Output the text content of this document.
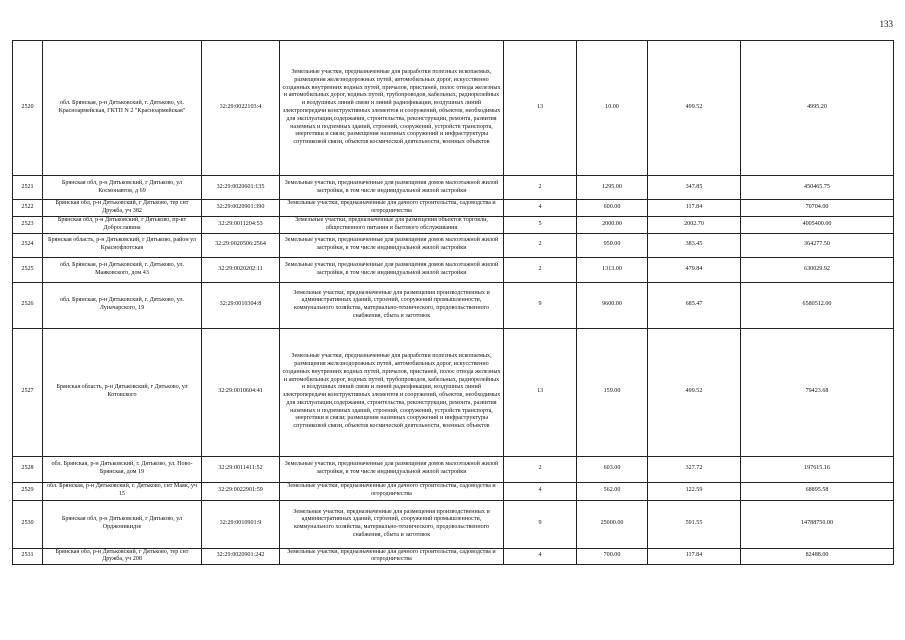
133
2520	обл. Брянская, р-н Дятьковский, г. Дятьково, ул. Красноармейская, ГКТП N 2 "Красноармейская"	32:29:0022103:4	Земельные участки, предназначенные для разработки полезных ископаемых, размещения железнодорожных путей, автомобильных дорог, искусственно созданных внутренних водных путей, причалов, пристаней, полос отвода железных и автомобильных дорог, водных путей, трубопроводов, кабельных, радиорелейных и воздушных линий связи и линий радиофикации, воздушных линий электропередачи конструктивных элементов и сооружений, объектов, необходимых для эксплуатации,содержания, строительства, реконструкции, ремонта, развития наземных и подземных зданий, строений, сооружений, устройств транспорта, энергетики и связи; размещения наземных сооружений и инфраструктуры спутниковой связи, объектов космической деятельности, военных объектов	13	10.00	499.52	4995.20
2521	Брянская обл, р-н Дятьковский, г Дятьково, ул Космонавтов, д 69	32:29:0020601:135	Земельные участки, предназначенные для размещения домов малоэтажной жилой застройки, в том числе индивидуальной жилой застройки	2	1295.00	347.85	450465.75
2522	Брянская обл, р-н Дятьковский, г Дятьково, тер снт Дружба, уч 382	32:29:0020901:390	Земельные участки, предназначенные для дачного строительства, садоводства и огородничества	4	600.00	117.84	70704.00
2523	Брянская обл, р-н Дятьковский, г Дятьково, пр-кт Доброславина	32:29:0011204:53	Земельные участки, предназначенные для размещения объектов торговли, общественного питания и бытового обслуживания	5	2000.00	2002.70	4005400.00
2524	Брянская область, р-н Дятьковский, г Дятьково, район ул Краснофлотская	32:29:0020506:2564	Земельные участки, предназначенные для размещения домов малоэтажной жилой застройки, в том числе индивидуальной жилой застройки	2	950.00	383.45	364277.50
2525	обл. Брянская, р-н Дятьковский, г. Дятьково, ул. Маяковского, дом 43	32:29:0020202:11	Земельные участки, предназначенные для размещения домов малоэтажной жилой застройки, в том числе индивидуальной жилой застройки	2	1313.00	479.84	630029.92
2526	обл. Брянская, р-н Дятьковский, г. Дятьково, ул. Луначарского, 19	32:29:0010304:8	Земельные участки, предназначенные для размещения производственных и административных зданий, строений, сооружений промышленности, коммунального хозяйства, материально-технического, продовольственного снабжения, сбыта и заготовок	9	9600.00	685.47	6580512.00
2527	Брянская область, р-н Дятьковский, г Дятьково, ул Котовского	32:29:0010604:41	Земельные участки, предназначенные для разработки полезных ископаемых, размещения железнодорожных путей, автомобильных дорог, искусственно созданных внутренних водных путей, причалов, пристаней, полос отвода железных и автомобильных дорог, водных путей, трубопроводов, кабельных, радиорелейных и воздушных линий связи и линий радиофикации, воздушных линий электропередачи конструктивных элементов и сооружений, объектов, необходимых для эксплуатации,содержания, строительства, реконструкции, ремонта, развития наземных и подземных зданий, строений, сооружений, устройств транспорта, энергетики и связи; размещения наземных сооружений и инфраструктуры спутниковой связи, объектов космической деятельности, военных объектов	13	159.00	499.52	79423.68
2528	обл. Брянская, р-н Дятьковский, г. Дятьково, ул. Ново-Брянская, дом 19	32:29:0011411:52	Земельные участки, предназначенные для размещения домов малоэтажной жилой застройки, в том числе индивидуальной жилой застройки	2	603.00	327.72	197615.16
2529	обл. Брянская, р-н Дятьковский, г. Дятьково, снт Маяк, уч 15	32:29:0022901:59	Земельные участки, предназначенные для дачного строительства, садоводства и огородничества	4	562.00	122.59	68895.58
2530	Брянская обл, р-н Дятьковский, г Дятьково, ул Орджоникидзе	32:29:0010901:9	Земельные участки, предназначенные для размещения производственных и административных зданий, строений, сооружений промышленности, коммунального хозяйства, материально-технического, продовольственного снабжения, сбыта и заготовок	9	25000.00	591.55	14788750.00
2531	Брянская обл, р-н Дятьковский, г Дятьково, тер снт Дружба, уч 208	32:29:0020901:242	Земельные участки, предназначенные для дачного строительства, садоводства и огородничества	4	700.00	117.84	82488.00
